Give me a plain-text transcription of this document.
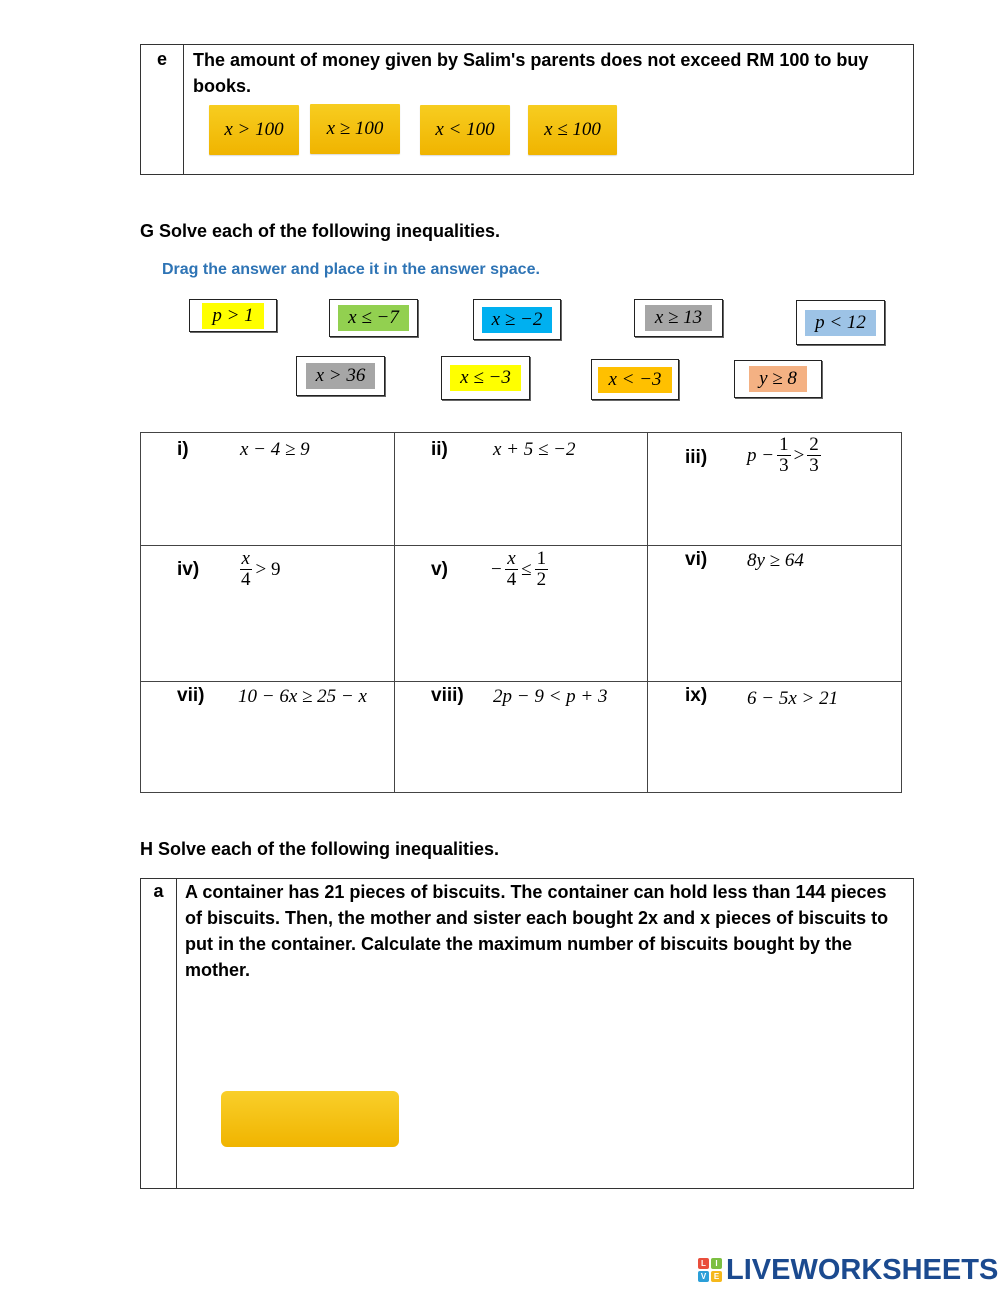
e	The amount of money given by Salim's parents does not exceed RM 100 to buy books.
x > 100	x ≥ 100	x < 100	x ≤ 100
G Solve each of the following inequalities.
Drag the answer and place it in the answer space.
p > 1	x ≤ −7	x ≥ −2	x ≥ 13	p < 12
x > 36	x ≤ −3	x < −3	y ≥ 8
i)	x − 4 ≥ 9	ii) x + 5 ≤ −2	iii) $p - \frac{1}{3} > \frac{2}{3}$
$iv) \frac{x}{4} > 9$	$v) - \frac{x}{4} \le \frac{1}{2}$	vi) 8y ≥ 64
vii) 10 − 6x ≥ 25 − x	viii) 2p − 9 < p + 3	ix) 6 − 5x > 21
H Solve each of the following inequalities.
a	A container has 21 pieces of biscuits. The container can hold less than 144 pieces of biscuits. Then, the mother and sister each bought 2x and x pieces of biscuits to put in the container. Calculate the maximum number of biscuits bought by the mother.
L	I
V E LIVEWORKSHEETS
